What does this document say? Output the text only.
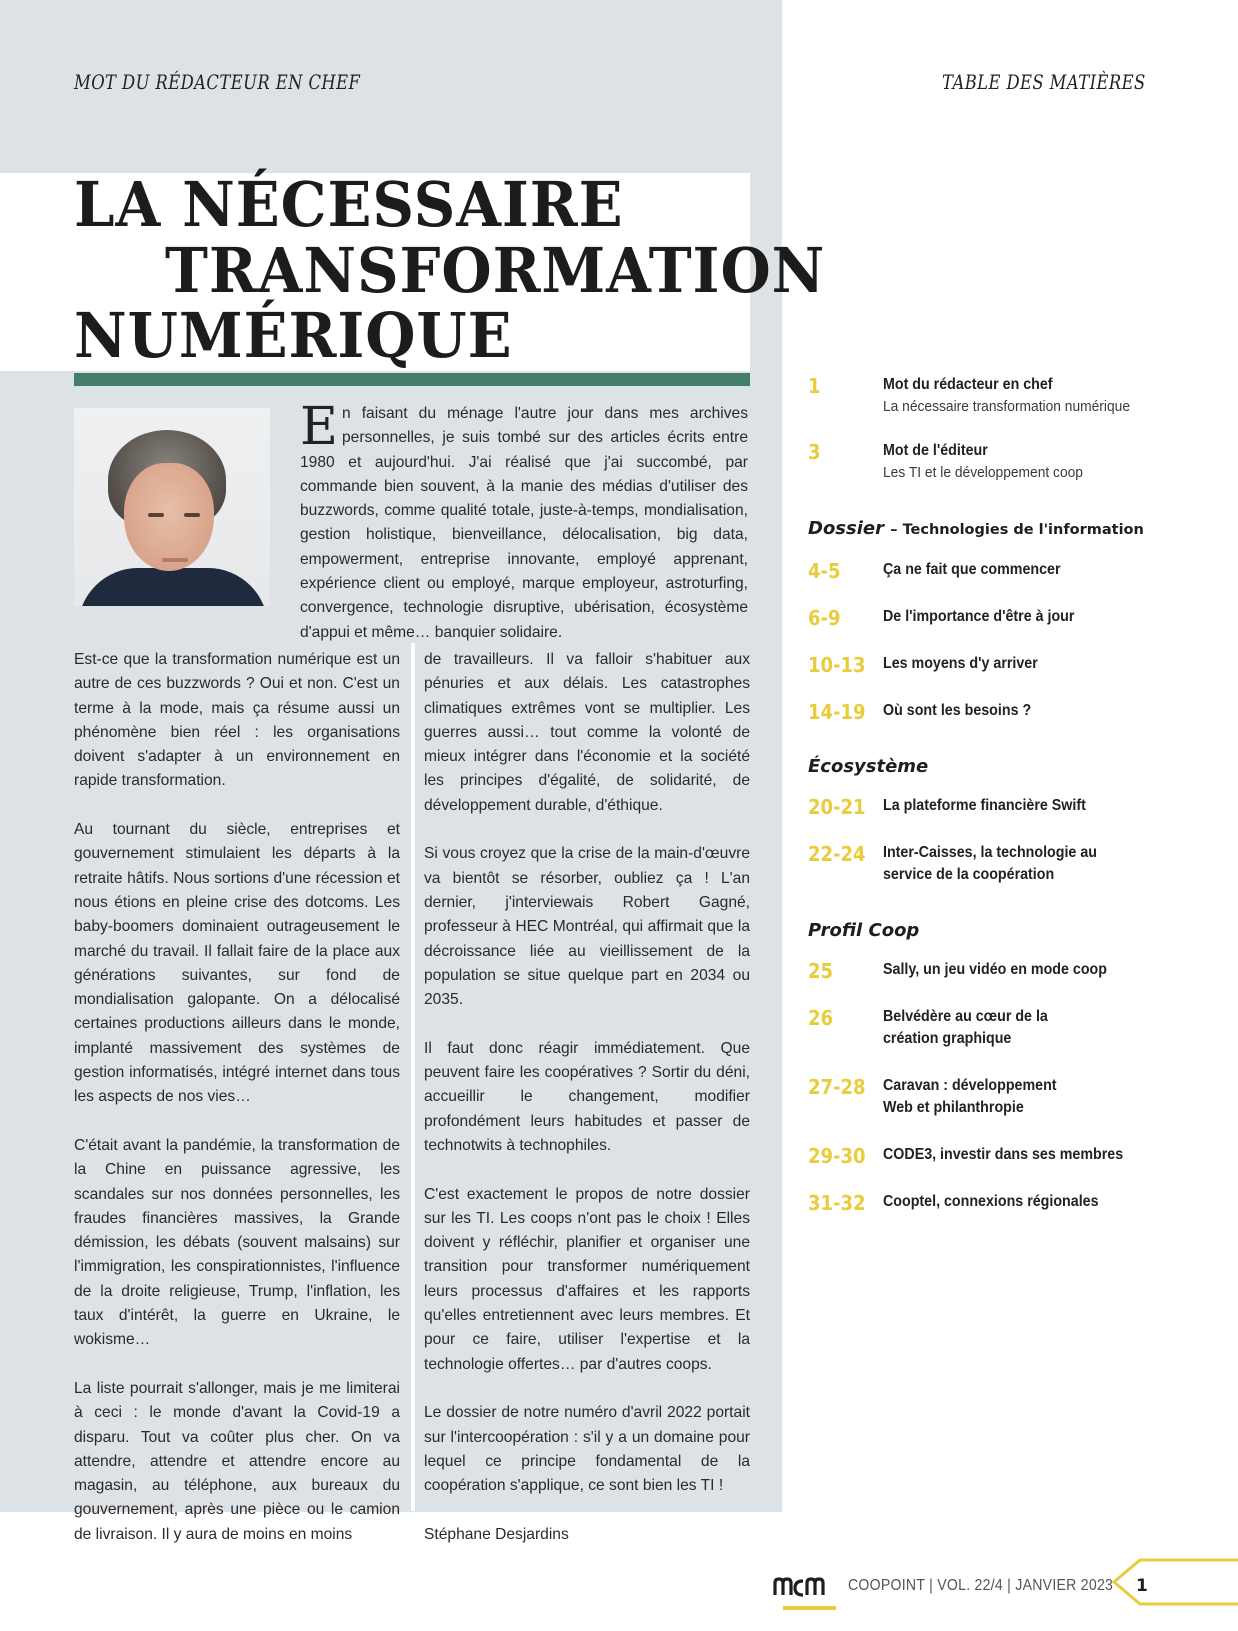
MOT DU RÉDACTEUR EN CHEF	TABLE DES MATIÈRES
LA NÉCESSAIRE
TRANSFORMATION
NUMÉRIQUE
En faisant du ménage l'autre jour dans mes archives personnelles, je suis tombé sur des articles écrits entre 1980 et aujourd'hui. J'ai réalisé que j'ai succombé, par commande bien souvent, à la manie des médias d'utiliser des buzzwords, comme qualité totale, juste-à-temps, mondialisation, gestion holistique, bienveillance, délocalisation, big data, empowerment, entreprise innovante, employé apprenant, expérience client ou employé, marque employeur, astroturfing, convergence, technologie disruptive, ubérisation, écosystème d'appui et même… banquier solidaire.

Est-ce que la transformation numérique est un autre de ces buzzwords ? Oui et non. C'est un terme à la mode, mais ça résume aussi un phénomène bien réel : les organisations doivent s'adapter à un environnement en rapide transformation.

Au tournant du siècle, entreprises et gouvernement stimulaient les départs à la retraite hâtifs. Nous sortions d'une récession et nous étions en pleine crise des dotcoms. Les baby-boomers dominaient outrageusement le marché du travail. Il fallait faire de la place aux générations suivantes, sur fond de mondialisation galopante. On a délocalisé certaines productions ailleurs dans le monde, implanté massivement des systèmes de gestion informatisés, intégré internet dans tous les aspects de nos vies…

C'était avant la pandémie, la transformation de la Chine en puissance agressive, les scandales sur nos données personnelles, les fraudes financières massives, la Grande démission, les débats (souvent malsains) sur l'immigration, les conspirationnistes, l'influence de la droite religieuse, Trump, l'inflation, les taux d'intérêt, la guerre en Ukraine, le wokisme…

La liste pourrait s'allonger, mais je me limiterai à ceci : le monde d'avant la Covid-19 a disparu. Tout va coûter plus cher. On va attendre, attendre et attendre encore au magasin, au téléphone, aux bureaux du gouvernement, après une pièce ou le camion de livraison. Il y aura de moins en moins

de travailleurs. Il va falloir s'habituer aux pénuries et aux délais. Les catastrophes climatiques extrêmes vont se multiplier. Les guerres aussi… tout comme la volonté de mieux intégrer dans l'économie et la société les principes d'égalité, de solidarité, de développement durable, d'éthique.

Si vous croyez que la crise de la main-d'œuvre va bientôt se résorber, oubliez ça ! L'an dernier, j'interviewais Robert Gagné, professeur à HEC Montréal, qui affirmait que la décroissance liée au vieillissement de la population se situe quelque part en 2034 ou 2035.

Il faut donc réagir immédiatement. Que peuvent faire les coopératives ? Sortir du déni, accueillir le changement, modifier profondément leurs habitudes et passer de technotwits à technophiles.

C'est exactement le propos de notre dossier sur les TI. Les coops n'ont pas le choix ! Elles doivent y réfléchir, planifier et organiser une transition pour transformer numériquement leurs processus d'affaires et les rapports qu'elles entretiennent avec leurs membres. Et pour ce faire, utiliser l'expertise et la technologie offertes… par d'autres coops.

Le dossier de notre numéro d'avril 2022 portait sur l'intercoopération : s'il y a un domaine pour lequel ce principe fondamental de la coopération s'applique, ce sont bien les TI !

Stéphane Desjardins

1	Mot du rédacteur en chef
La nécessaire transformation numérique
3	Mot de l'éditeur
Les TI et le développement coop
Dossier – Technologies de l'information
4-5	Ça ne fait que commencer
6-9	De l'importance d'être à jour
10-13 Les moyens d'y arriver
14-19 Où sont les besoins ?
Écosystème
20-21 La plateforme financière Swift
22-24 Inter-Caisses, la technologie au service de la coopération
Profil Coop
25	Sally, un jeu vidéo en mode coop
26	Belvédère au cœur de la création graphique
27-28 Caravan : développement Web et philanthropie
29-30 CODE3, investir dans ses membres
31-32 Cooptel, connexions régionales
COOPOINT | VOL. 22/4 | JANVIER 2023 1
